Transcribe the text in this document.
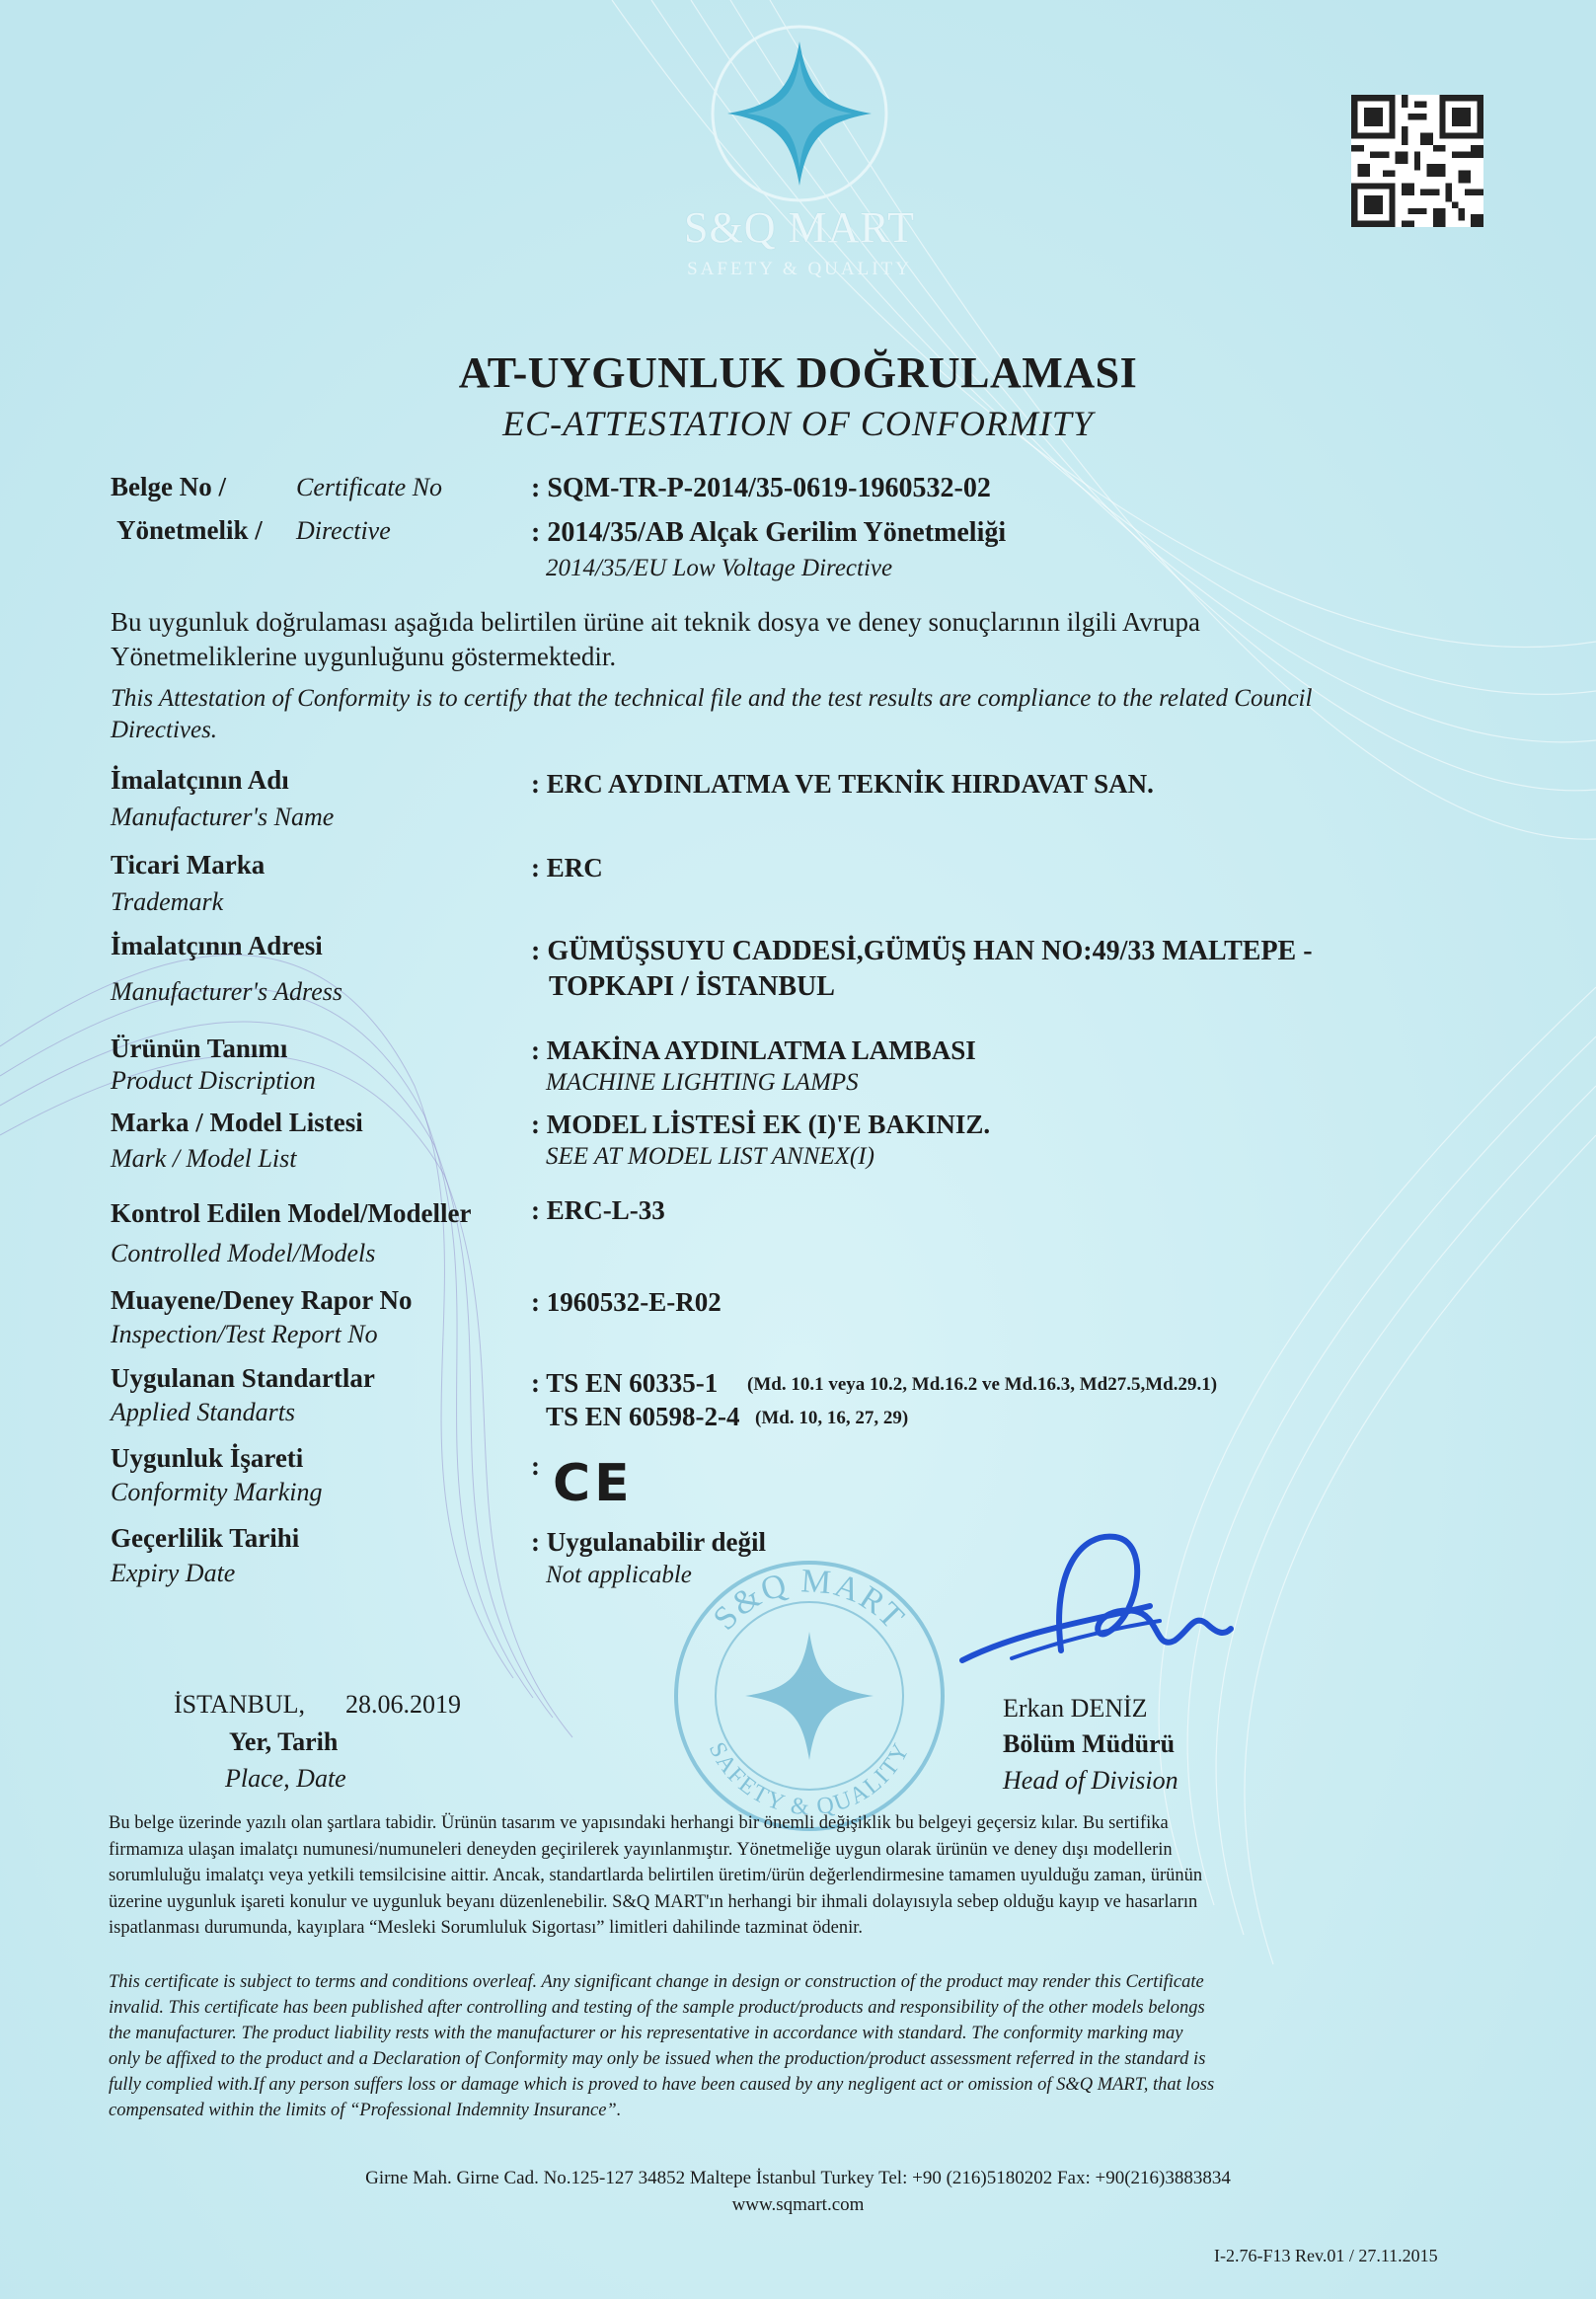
S&Q MART
SAFETY & QUALITY
AT-UYGUNLUK DOĞRULAMASI
EC-ATTESTATION OF CONFORMITY
Belge No /	Certificate No	: SQM-TR-P-2014/35-0619-1960532-02
Yönetmelik / Directive	: 2014/35/AB Alçak Gerilim Yönetmeliği
2014/35/EU Low Voltage Directive
Bu uygunluk doğrulaması aşağıda belirtilen ürüne ait teknik dosya ve deney sonuçlarının ilgili Avrupa
Yönetmeliklerine uygunluğunu göstermektedir.
This Attestation of Conformity is to certify that the technical file and the test results are compliance to the related Council
Directives.
İmalatçının Adı
Manufacturer's Name
: ERC AYDINLATMA VE TEKNİK HIRDAVAT SAN.
Ticari Marka
Trademark
: ERC
İmalatçının Adresi
Manufacturer's Adress
: GÜMÜŞSUYU CADDESİ,GÜMÜŞ HAN NO:49/33 MALTEPE -
TOPKAPI / İSTANBUL
Ürünün Tanımı
Product Discription
: MAKİNA AYDINLATMA LAMBASI
MACHINE LIGHTING LAMPS
Marka / Model Listesi
Mark / Model List
: MODEL LİSTESİ EK (I)'E BAKINIZ.
SEE AT MODEL LIST ANNEX(I)
Kontrol Edilen Model/Modeller
Controlled Model/Models
: ERC-L-33
Muayene/Deney Rapor No
Inspection/Test Report No
: 1960532-E-R02
Uygulanan Standartlar
Applied Standarts
: TS EN 60335-1 (Md. 10.1 veya 10.2, Md.16.2 ve Md.16.3, Md27.5,Md.29.1)
TS EN 60598-2-4 (Md. 10, 16, 27, 29)
Uygunluk İşareti
Conformity Marking
: CE
Geçerlilik Tarihi
Expiry Date
: Uygulanabilir değil
Not applicable
S&Q MART
SAFETY & QUALITY
İSTANBUL, 28.06.2019
Yer, Tarih
Place, Date
Erkan DENİZ
Bölüm Müdürü
Head of Division
Bu belge üzerinde yazılı olan şartlara tabidir. Ürünün tasarım ve yapısındaki herhangi bir önemli değişiklik bu belgeyi geçersiz kılar. Bu sertifika
firmamıza ulaşan imalatçı numunesi/numuneleri deneyden geçirilerek yayınlanmıştır. Yönetmeliğe uygun olarak ürünün ve deney dışı modellerin
sorumluluğu imalatçı veya yetkili temsilcisine aittir. Ancak, standartlarda belirtilen üretim/ürün değerlendirmesine tamamen uyulduğu zaman, ürünün
üzerine uygunluk işareti konulur ve uygunluk beyanı düzenlenebilir. S&Q MART'ın herhangi bir ihmali dolayısıyla sebep olduğu kayıp ve hasarların
ispatlanması durumunda, kayıplara “Mesleki Sorumluluk Sigortası” limitleri dahilinde tazminat ödenir.
This certificate is subject to terms and conditions overleaf. Any significant change in design or construction of the product may render this Certificate
invalid. This certificate has been published after controlling and testing of the sample product/products and responsibility of the other models belongs
the manufacturer. The product liability rests with the manufacturer or his representative in accordance with standard. The conformity marking may
only be affixed to the product and a Declaration of Conformity may only be issued when the production/product assessment referred in the standard is
fully complied with.If any person suffers loss or damage which is proved to have been caused by any negligent act or omission of S&Q MART, that loss
compensated within the limits of “Professional Indemnity Insurance”.
Girne Mah. Girne Cad. No.125-127 34852 Maltepe İstanbul Turkey Tel: +90 (216)5180202 Fax: +90(216)3883834
www.sqmart.com
I-2.76-F13 Rev.01 / 27.11.2015
